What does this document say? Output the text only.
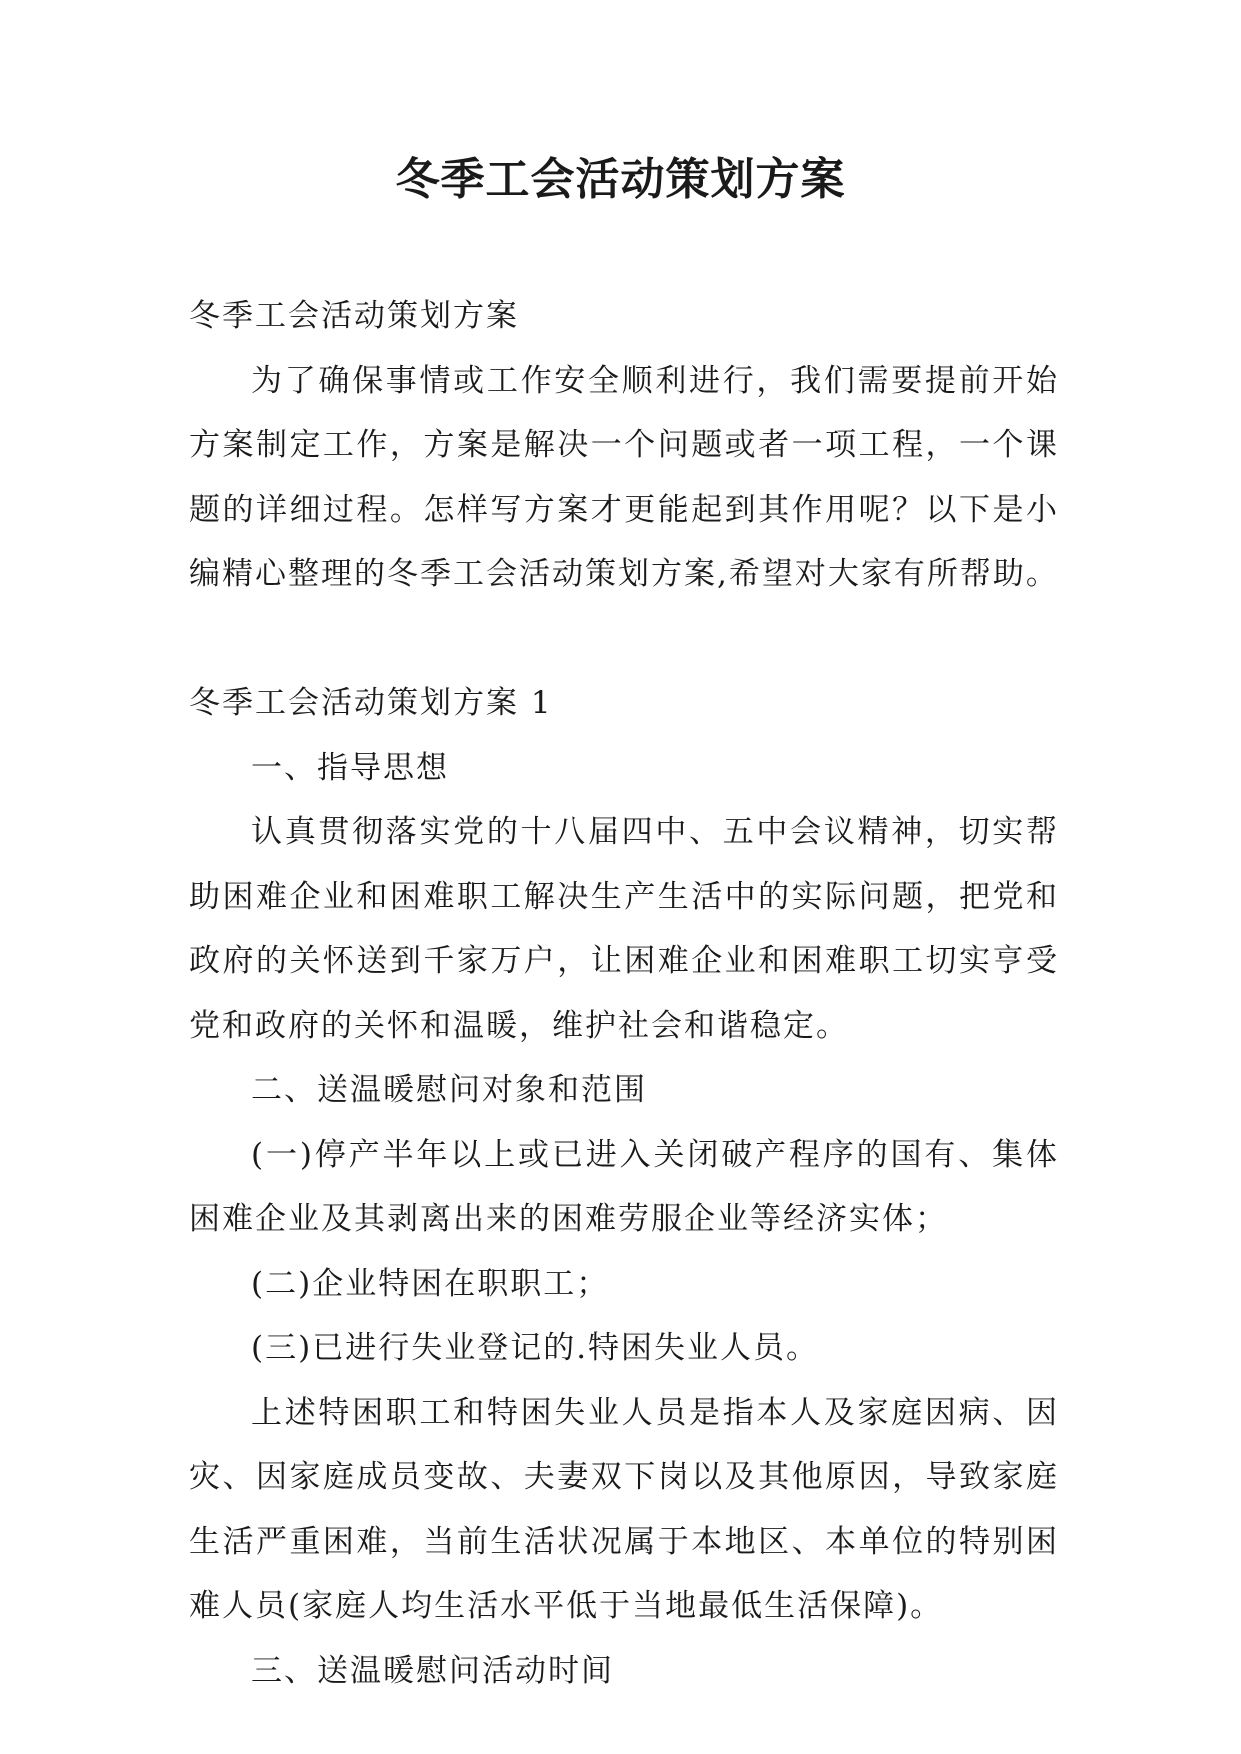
冬季工会活动策划方案

冬季工会活动策划方案

为了确保事情或工作安全顺利进行，我们需要提前开始方案制定工作，方案是解决一个问题或者一项工程，一个课题的详细过程。怎样写方案才更能起到其作用呢？以下是小编精心整理的冬季工会活动策划方案,希望对大家有所帮助。

冬季工会活动策划方案 1

一、指导思想

认真贯彻落实党的十八届四中、五中会议精神，切实帮助困难企业和困难职工解决生产生活中的实际问题，把党和政府的关怀送到千家万户，让困难企业和困难职工切实亨受党和政府的关怀和温暖，维护社会和谐稳定。

二、送温暖慰问对象和范围

(一)停产半年以上或已进入关闭破产程序的国有、集体困难企业及其剥离出来的困难劳服企业等经济实体；

(二)企业特困在职职工；

(三)已进行失业登记的.特困失业人员。

上述特困职工和特困失业人员是指本人及家庭因病、因灾、因家庭成员变故、夫妻双下岗以及其他原因，导致家庭生活严重困难，当前生活状况属于本地区、本单位的特别困难人员(家庭人均生活水平低于当地最低生活保障)。

三、送温暖慰问活动时间
